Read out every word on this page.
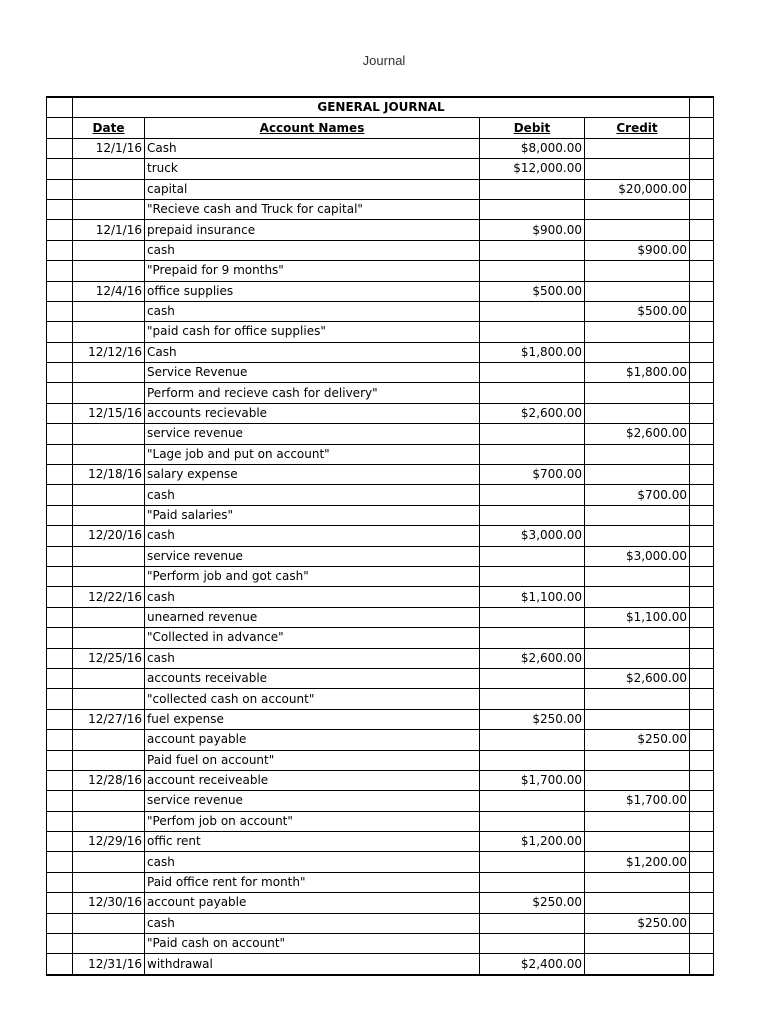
Journal
	GENERAL JOURNAL				
	Date	Account Names	Debit	Credit	
	12/1/16	Cash	$8,000.00		
		truck	$12,000.00		
		capital		$20,000.00	
		"Recieve cash and Truck for capital"			
	12/1/16	prepaid insurance	$900.00		
		cash		$900.00	
		"Prepaid for 9 months"			
	12/4/16	office supplies	$500.00		
		cash		$500.00	
		"paid cash for office supplies"			
	12/12/16	Cash	$1,800.00		
		Service Revenue		$1,800.00	
		Perform and recieve cash for delivery"			
	12/15/16	accounts recievable	$2,600.00		
		service revenue		$2,600.00	
		"Lage job and put on account"			
	12/18/16	salary expense	$700.00		
		cash		$700.00	
		"Paid salaries"			
	12/20/16	cash	$3,000.00		
		service revenue		$3,000.00	
		"Perform job and got cash"			
	12/22/16	cash	$1,100.00		
		unearned revenue		$1,100.00	
		"Collected in advance"			
	12/25/16	cash	$2,600.00		
		accounts receivable		$2,600.00	
		"collected cash on account"			
	12/27/16	fuel expense	$250.00		
		account payable		$250.00	
		Paid fuel on account"			
	12/28/16	account receiveable	$1,700.00		
		service revenue		$1,700.00	
		"Perfom job on account"			
	12/29/16	offic rent	$1,200.00		
		cash		$1,200.00	
		Paid office rent for month"			
	12/30/16	account payable	$250.00		
		cash		$250.00	
		"Paid cash on account"			
	12/31/16	withdrawal	$2,400.00		
